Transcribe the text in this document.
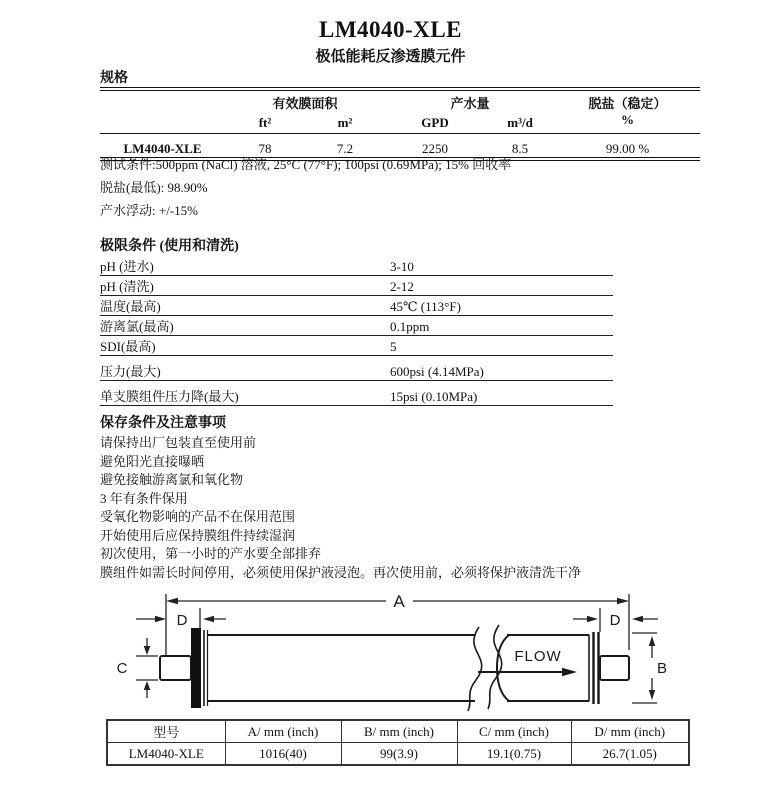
LM4040-XLE
极低能耗反渗透膜元件
规格
	有效膜面积		产水量		脱盐（稳定）
%
	ft²	m²	GPD	m³/d	
LM4040-XLE	78	7.2	2250	8.5	99.00 %
测试条件:500ppm (NaCl) 溶液, 25°C (77°F); 100psi (0.69MPa); 15% 回收率
脱盐(最低): 98.90%
产水浮动: +/-15%
极限条件 (使用和清洗)
pH (进水)	3-10
pH (清洗)	2-12
温度(最高)	45℃ (113°F)
游离氯(最高)	0.1ppm
SDI(最高)	5
压力(最大)	600psi (4.14MPa)
单支膜组件压力降(最大)	15psi (0.10MPa)
保存条件及注意事项
请保持出厂包装直至使用前
避免阳光直接曝晒
避免接触游离氯和氧化物
3 年有条件保用
受氧化物影响的产品不在保用范围
开始使用后应保持膜组件持续湿润
初次使用，第一小时的产水要全部排弃
膜组件如需长时间停用，必须使用保护液浸泡。再次使用前，必须将保护液清洗干净
A
D	D
C	B
FLOW
型号	A/ mm (inch)	B/ mm (inch)	C/ mm (inch)	D/ mm (inch)
LM4040-XLE	1016(40)	99(3.9)	19.1(0.75)	26.7(1.05)
